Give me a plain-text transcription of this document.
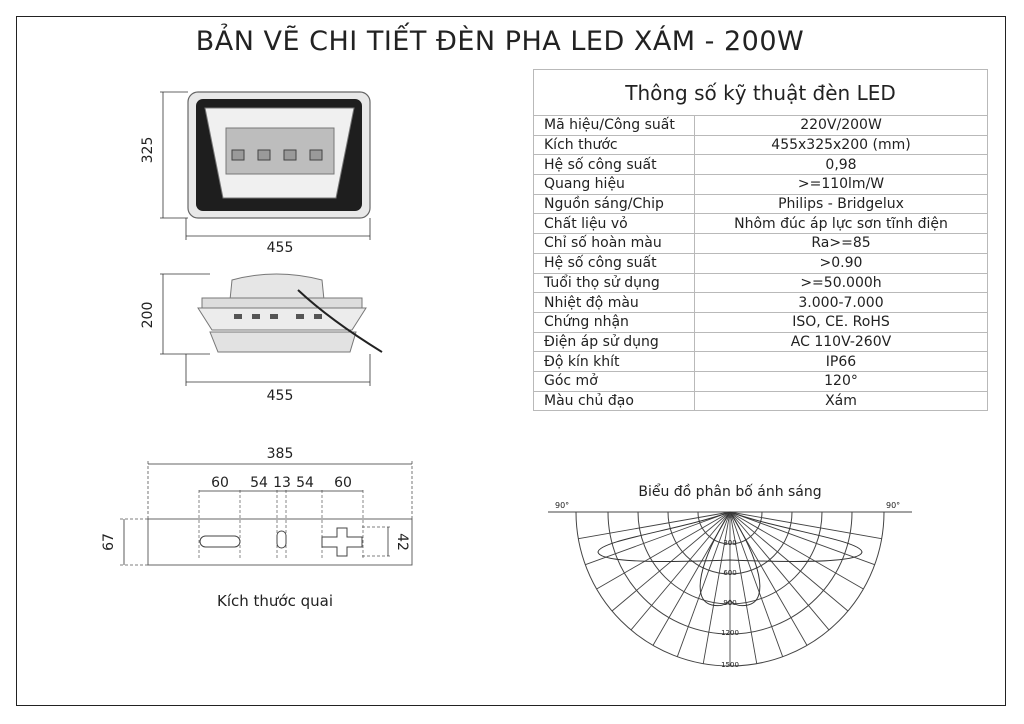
BẢN VẼ CHI TIẾT ĐÈN PHA LED XÁM - 200W
Thông số kỹ thuật đèn LED	
Mã hiệu/Công suất	220V/200W
Kích thước	455x325x200 (mm)
Hệ số công suất	0,98
Quang hiệu	>=110lm/W
Nguồn sáng/Chip	Philips - Bridgelux
Chất liệu vỏ	Nhôm đúc áp lực sơn tĩnh điện
Chỉ số hoàn màu	Ra>=85
Hệ số công suất	>0.90
Tuổi thọ sử dụng	>=50.000h
Nhiệt độ màu	3.000-7.000
Chứng nhận	ISO, CE. RoHS
Điện áp sử dụng	AC 110V-260V
Độ kín khít	IP66
Góc mở	120°
Màu chủ đạo	Xám
325
455
200
455
385
60 54 13 54 60
67	42
Kích thước quai
Biểu đồ phân bố ánh sáng
90°	90°
300
600
900
1200
1500
